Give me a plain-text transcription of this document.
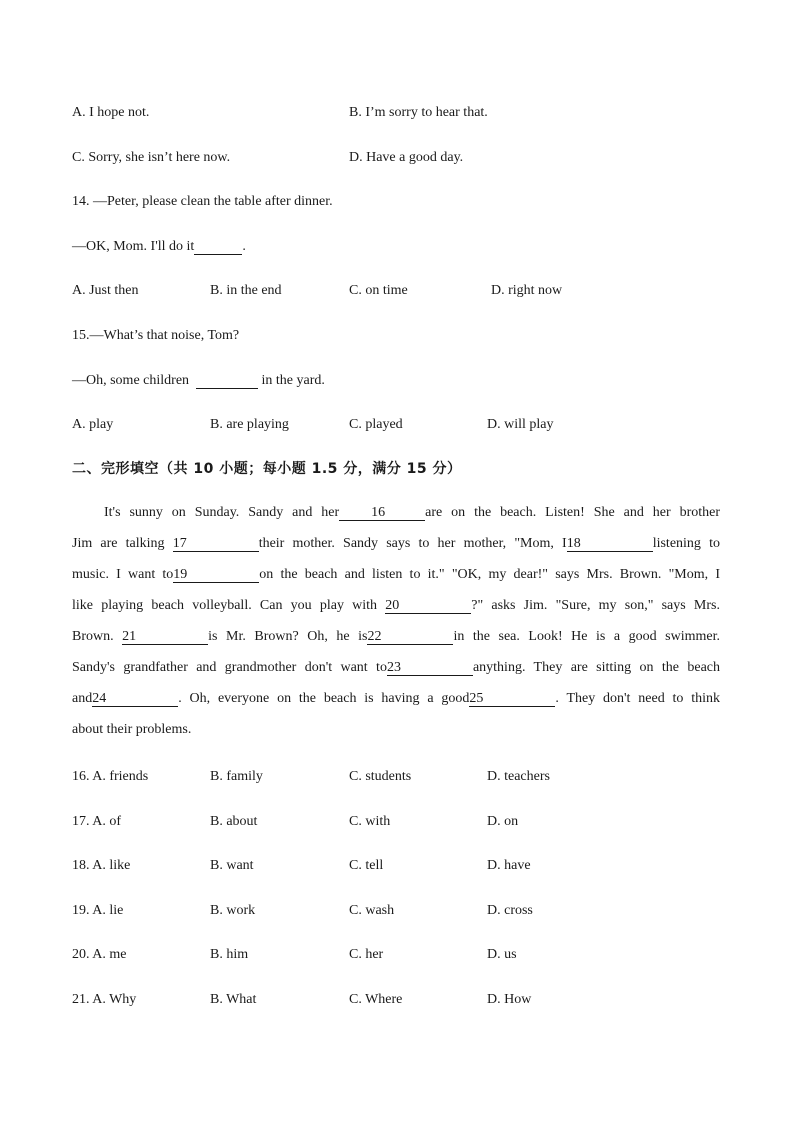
A. I hope not.	B. I’m sorry to hear that.
C. Sorry, she isn’t here now.	D. Have a good day.
14. —Peter, please clean the table after dinner.
—OK, Mom. I'll do it	.
A. Just then	B. in the end	C. on time	D. right now
15.—What’s that noise, Tom?
—Oh, some children	in the yard.
A. play	B. are playing	C. played	D. will play
二、完形填空（共 10 小题；每小题 1.5 分，满分 15 分）
It's sunny on Sunday. Sandy and her 16	are on the beach. Listen! She and her brother
Jim are talking 17	their mother. Sandy says to her mother, "Mom, I18	listening to
music. I want to19	on the beach and listen to it." "OK, my dear!" says Mrs. Brown. "Mom, I
like playing beach volleyball. Can you play with 20	?" asks Jim. "Sure, my son," says Mrs.
Brown. 21	is Mr. Brown? Oh, he is22	in the sea. Look! He is a good swimmer.
Sandy's grandfather and grandmother don't want to23	anything. They are sitting on the beach
and24	. Oh, everyone on the beach is having a good25	. They don't need to think
about their problems.
16. A. friends	B. family	C. students	D. teachers
17. A. of	B. about	C. with	D. on
18. A. like	B. want	C. tell	D. have
19. A. lie	B. work	C. wash	D. cross
20. A. me	B. him	C. her	D. us
21. A. Why	B. What	C. Where	D. How
